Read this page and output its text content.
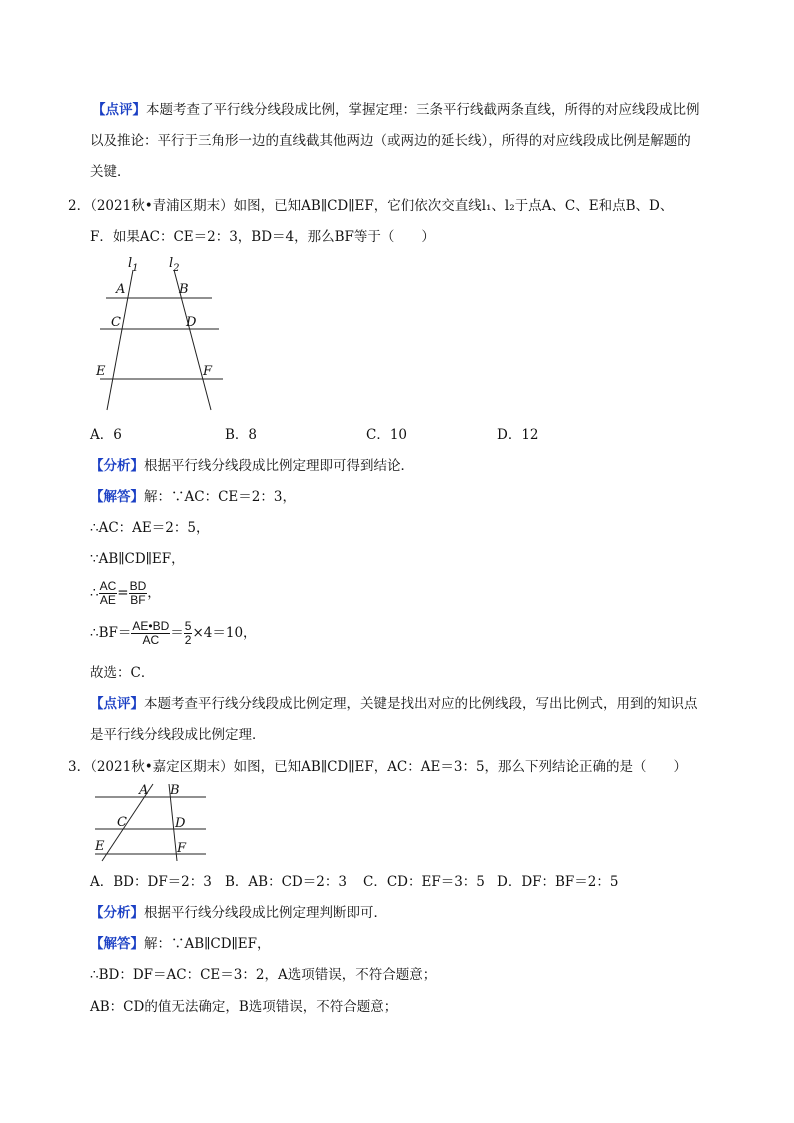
【点评】本题考查了平行线分线段成比例，掌握定理：三条平行线截两条直线，所得的对应线段成比例
以及推论：平行于三角形一边的直线截其他两边（或两边的延长线），所得的对应线段成比例是解题的
关键．
2．（2021秋•青浦区期末）如图，已知AB∥CD∥EF，它们依次交直线l₁、l₂于点A、C、E和点B、D、
F．如果AC：CE＝2：3，BD＝4，那么BF等于（　　）
$l_1$ $l_2$
A	B
C	D
E	F
A．6	B．8	C．10	D．12
【分析】根据平行线分线段成比例定理即可得到结论．
【解答】解：∵AC：CE＝2：3，
∴AC：AE＝2：5，
∵AB∥CD∥EF，
∴ $\frac{AC}{AE} = \frac{BD}{BF}$ ，
∴BF＝ $\frac{AE•BD}{AC} = \frac{5}{2} \times 4=10$，
故选：C．
【点评】本题考查平行线分线段成比例定理，关键是找出对应的比例线段，写出比例式，用到的知识点
是平行线分线段成比例定理．
3．（2021秋•嘉定区期末）如图，已知AB∥CD∥EF，AC：AE＝3：5，那么下列结论正确的是（　　）
A B
C	D
E	F
A．BD：DF＝2：3 B．AB：CD＝2：3 C．CD：EF＝3：5 D．DF：BF＝2：5
【分析】根据平行线分线段成比例定理判断即可．
【解答】解：∵AB∥CD∥EF，
∴BD：DF＝AC：CE＝3：2，A选项错误，不符合题意；
AB：CD的值无法确定，B选项错误，不符合题意；
